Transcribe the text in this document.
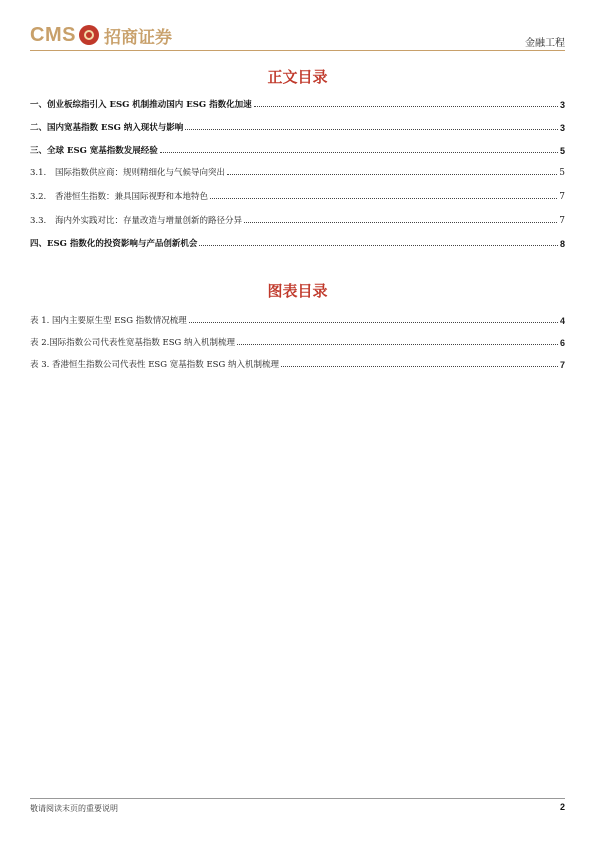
CMS 招商证券	金融工程
正文目录
一、创业板综指引入 ESG 机制推动国内 ESG 指数化加速	3
二、国内宽基指数 ESG 纳入现状与影响	3
三、全球 ESG 宽基指数发展经验	5
3.1. 国际指数供应商：规则精细化与气候导向突出	5
3.2. 香港恒生指数：兼具国际视野和本地特色	7
3.3. 海内外实践对比：存量改造与增量创新的路径分异	7
四、ESG 指数化的投资影响与产品创新机会	8
图表目录
表 1. 国内主要原生型 ESG 指数情况梳理	4
表 2.国际指数公司代表性宽基指数 ESG 纳入机制梳理	6
表 3. 香港恒生指数公司代表性 ESG 宽基指数 ESG 纳入机制梳理	7
敬请阅读末页的重要说明	2
